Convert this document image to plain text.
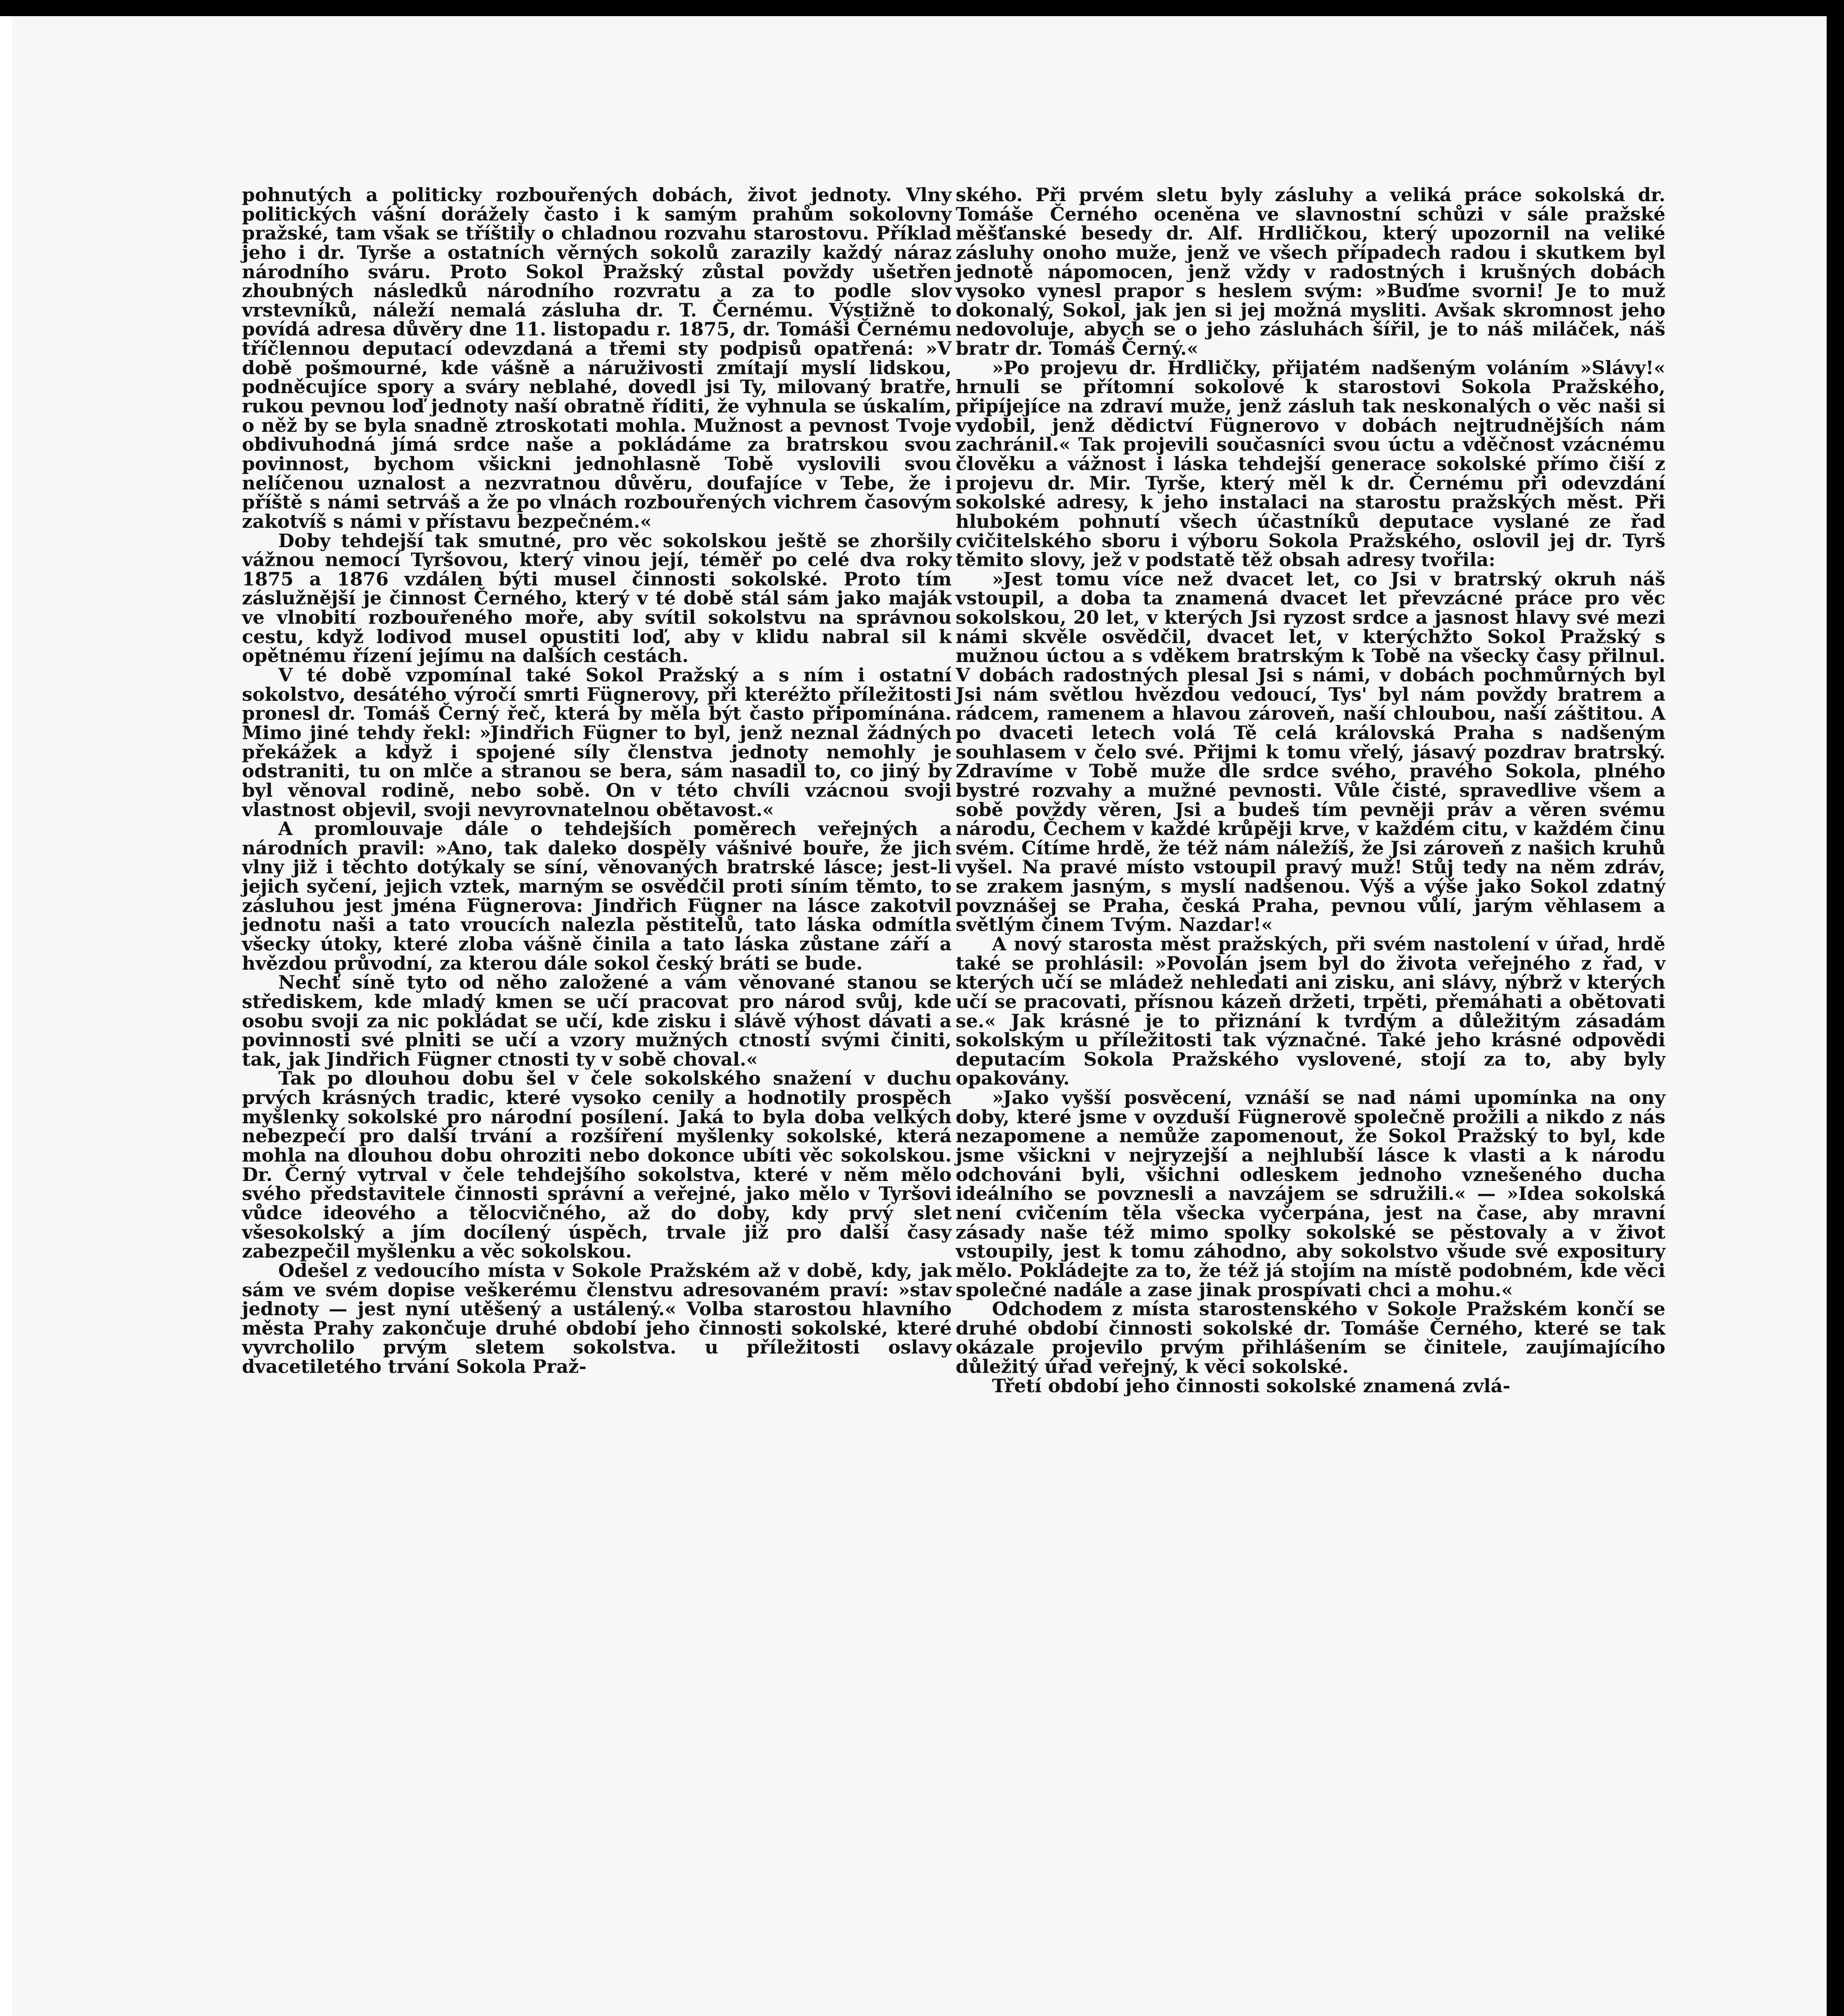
pohnutých a politicky rozbouřených dobách, život jednoty. Vlny politických vášní dorážely často i k samým prahům sokolovny pražské, tam však se tříštily o chladnou rozvahu starostovu. Příklad jeho i dr. Tyrše a ostatních věrných sokolů zarazily každý náraz národního sváru. Proto Sokol Pražský zůstal povždy ušetřen zhoubných následků národního rozvratu a za to podle slov vrstevníků, náleží nemalá zásluha dr. T. Černému. Výstižně to povídá adresa důvěry dne 11. listopadu r. 1875, dr. Tomáši Černému tříčlennou deputací odevzdaná a třemi sty podpisů opatřená: »V době pošmourné, kde vášně a náruživosti zmítají myslí lidskou, podněcujíce spory a sváry neblahé, dovedl jsi Ty, milovaný bratře, rukou pevnou loď jednoty naší obratně říditi, že vyhnula se úskalím, o něž by se byla snadně ztroskotati mohla. Mužnost a pevnost Tvoje obdivuhodná jímá srdce naše a pokládáme za bratrskou svou povinnost, bychom všickni jednohlasně Tobě vyslovili svou nelíčenou uznalost a nezvratnou důvěru, doufajíce v Tebe, že i příště s námi setrváš a že po vlnách rozbouřených vichrem časovým zakotvíš s námi v přístavu bezpečném.«

Doby tehdejší tak smutné, pro věc sokolskou ještě se zhoršily vážnou nemocí Tyršovou, který vinou její, téměř po celé dva roky 1875 a 1876 vzdálen býti musel činnosti sokolské. Proto tím záslužnější je činnost Černého, který v té době stál sám jako maják ve vlnobití rozbouřeného moře, aby svítil sokolstvu na správnou cestu, když lodivod musel opustiti loď, aby v klidu nabral sil k opětnému řízení jejímu na dalších cestách.

V té době vzpomínal také Sokol Pražský a s ním i ostatní sokolstvo, desátého výročí smrti Fügnerovy, při kteréžto příležitosti pronesl dr. Tomáš Černý řeč, která by měla být často připomínána. Mimo jiné tehdy řekl: »Jindřich Fügner to byl, jenž neznal žádných překážek a když i spojené síly členstva jednoty nemohly je odstraniti, tu on mlče a stranou se bera, sám nasadil to, co jiný by byl věnoval rodině, nebo sobě. On v této chvíli vzácnou svoji vlastnost objevil, svoji nevyrovnatelnou obětavost.«

A promlouvaje dále o tehdejších poměrech veřejných a národních pravil: »Ano, tak daleko dospěly vášnivé bouře, že jich vlny již i těchto dotýkaly se síní, věnovaných bratrské lásce; jest-li jejich syčení, jejich vztek, marným se osvědčil proti síním těmto, to zásluhou jest jména Fügnerova: Jindřich Fügner na lásce zakotvil jednotu naši a tato vroucích nalezla pěstitelů, tato láska odmítla všecky útoky, které zloba vášně činila a tato láska zůstane září a hvězdou průvodní, za kterou dále sokol český bráti se bude.

Nechť síně tyto od něho založené a vám věnované stanou se střediskem, kde mladý kmen se učí pracovat pro národ svůj, kde osobu svoji za nic pokládat se učí, kde zisku i slávě výhost dávati a povinnosti své plniti se učí a vzory mužných ctností svými činiti, tak, jak Jindřich Fügner ctnosti ty v sobě choval.«

Tak po dlouhou dobu šel v čele sokolského snažení v duchu prvých krásných tradic, které vysoko cenily a hodnotily prospěch myšlenky sokolské pro národní posílení. Jaká to byla doba velkých nebezpečí pro další trvání a rozšíření myšlenky sokolské, která mohla na dlouhou dobu ohroziti nebo dokonce ubíti věc sokolskou. Dr. Černý vytrval v čele tehdejšího sokolstva, které v něm mělo svého představitele činnosti správní a veřejné, jako mělo v Tyršovi vůdce ideového a tělocvičného, až do doby, kdy prvý slet všesokolský a jím docílený úspěch, trvale již pro další časy zabezpečil myšlenku a věc sokolskou.

Odešel z vedoucího místa v Sokole Pražském až v době, kdy, jak sám ve svém dopise veškerému členstvu adresovaném praví: »stav jednoty — jest nyní utěšený a ustálený.« Volba starostou hlavního města Prahy zakončuje druhé období jeho činnosti sokolské, které vyvrcholilo prvým sletem sokolstva. u příležitosti oslavy dvacetiletého trvání Sokola Praž-

ského. Při prvém sletu byly zásluhy a veliká práce sokolská dr. Tomáše Černého oceněna ve slavnostní schůzi v sále pražské měšťanské besedy dr. Alf. Hrdličkou, který upozornil na veliké zásluhy onoho muže, jenž ve všech případech radou i skutkem byl jednotě nápomocen, jenž vždy v radostných i krušných dobách vysoko vynesl prapor s heslem svým: »Buďme svorni! Je to muž dokonalý, Sokol, jak jen si jej možná mysliti. Avšak skromnost jeho nedovoluje, abych se o jeho zásluhách šířil, je to náš miláček, náš bratr dr. Tomáš Černý.«

»Po projevu dr. Hrdličky, přijatém nadšeným voláním »Slávy!« hrnuli se přítomní sokolové k starostovi Sokola Pražského, připíjejíce na zdraví muže, jenž zásluh tak neskonalých o věc naši si vydobil, jenž dědictví Fügnerovo v dobách nejtrudnějších nám zachránil.« Tak projevili současníci svou úctu a vděčnost vzácnému člověku a vážnost i láska tehdejší generace sokolské přímo čiší z projevu dr. Mir. Tyrše, který měl k dr. Černému při odevzdání sokolské adresy, k jeho instalaci na starostu pražských měst. Při hlubokém pohnutí všech účastníků deputace vyslané ze řad cvičitelského sboru i výboru Sokola Pražského, oslovil jej dr. Tyrš těmito slovy, jež v podstatě těž obsah adresy tvořila:

»Jest tomu více než dvacet let, co Jsi v bratrský okruh náš vstoupil, a doba ta znamená dvacet let převzácné práce pro věc sokolskou, 20 let, v kterých Jsi ryzost srdce a jasnost hlavy své mezi námi skvěle osvědčil, dvacet let, v kterýchžto Sokol Pražský s mužnou úctou a s vděkem bratrským k Tobě na všecky časy přilnul. V dobách radostných plesal Jsi s námi, v dobách pochmůrných byl Jsi nám světlou hvězdou vedoucí, Tys' byl nám povždy bratrem a rádcem, ramenem a hlavou zároveň, naší chloubou, naší záštitou. A po dvaceti letech volá Tě celá královská Praha s nadšeným souhlasem v čelo své. Přijmi k tomu vřelý, jásavý pozdrav bratrský. Zdravíme v Tobě muže dle srdce svého, pravého Sokola, plného bystré rozvahy a mužné pevnosti. Vůle čisté, spravedlive všem a sobě povždy věren, Jsi a budeš tím pevněji práv a věren svému národu, Čechem v každé krůpěji krve, v každém citu, v každém činu svém. Cítíme hrdě, že též nám náležíš, že Jsi zároveň z našich kruhů vyšel. Na pravé místo vstoupil pravý muž! Stůj tedy na něm zdráv, se zrakem jasným, s myslí nadšenou. Výš a výše jako Sokol zdatný povznášej se Praha, česká Praha, pevnou vůlí, jarým věhlasem a světlým činem Tvým. Nazdar!«

A nový starosta měst pražských, při svém nastolení v úřad, hrdě také se prohlásil: »Povolán jsem byl do života veřejného z řad, v kterých učí se mládež nehledati ani zisku, ani slávy, nýbrž v kterých učí se pracovati, přísnou kázeň držeti, trpěti, přemáhati a obětovati se.« Jak krásné je to přiznání k tvrdým a důležitým zásadám sokolským u příležitosti tak význačné. Také jeho krásné odpovědi deputacím Sokola Pražského vyslovené, stojí za to, aby byly opakovány.

»Jako vyšší posvěcení, vznáší se nad námi upomínka na ony doby, které jsme v ovzduší Fügnerově společně prožili a nikdo z nás nezapomene a nemůže zapomenout, že Sokol Pražský to byl, kde jsme všickni v nejryzejší a nejhlubší lásce k vlasti a k národu odchováni byli, všichni odleskem jednoho vznešeného ducha ideálního se povznesli a navzájem se sdružili.« — »Idea sokolská není cvičením těla všecka vyčerpána, jest na čase, aby mravní zásady naše též mimo spolky sokolské se pěstovaly a v život vstoupily, jest k tomu záhodno, aby sokolstvo všude své expositury mělo. Pokládejte za to, že též já stojím na místě podobném, kde věci společné nadále a zase jinak prospívati chci a mohu.«

Odchodem z místa starostenského v Sokole Pražském končí se druhé období činnosti sokolské dr. Tomáše Černého, které se tak okázale projevilo prvým přihlášením se činitele, zaujímajícího důležitý úřad veřejný, k věci sokolské.

Třetí období jeho činnosti sokolské znamená zvlá-
